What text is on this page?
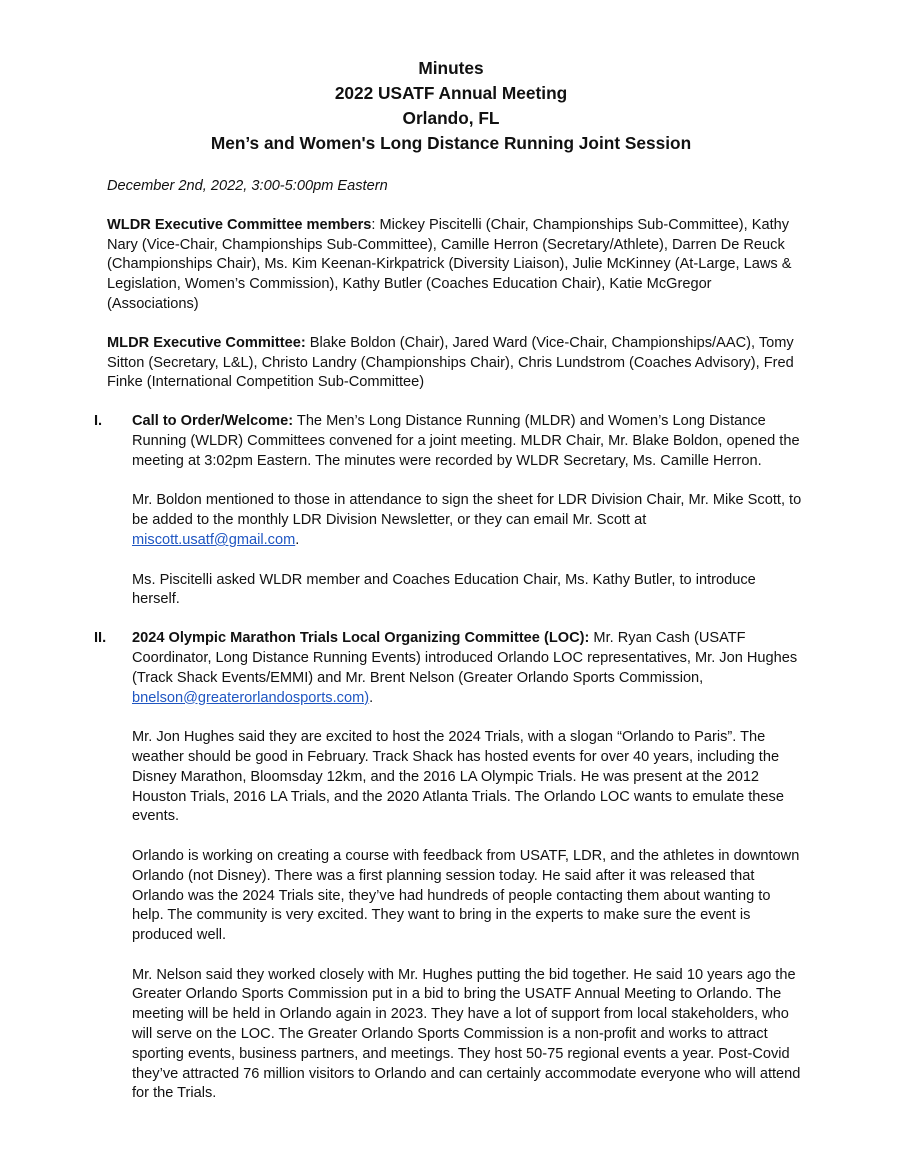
Minutes
2022 USATF Annual Meeting
Orlando, FL
Men’s and Women's Long Distance Running Joint Session

December 2nd, 2022, 3:00-5:00pm Eastern

WLDR Executive Committee members: Mickey Piscitelli (Chair, Championships Sub-Committee), Kathy Nary (Vice-Chair, Championships Sub-Committee), Camille Herron (Secretary/Athlete), Darren De Reuck (Championships Chair), Ms. Kim Keenan-Kirkpatrick (Diversity Liaison), Julie McKinney (At-Large, Laws & Legislation, Women’s Commission), Kathy Butler (Coaches Education Chair), Katie McGregor (Associations)

MLDR Executive Committee: Blake Boldon (Chair), Jared Ward (Vice-Chair, Championships/AAC), Tomy Sitton (Secretary, L&L), Christo Landry (Championships Chair), Chris Lundstrom (Coaches Advisory), Fred Finke (International Competition Sub-Committee)

I. Call to Order/Welcome: The Men’s Long Distance Running (MLDR) and Women’s Long Distance Running (WLDR) Committees convened for a joint meeting. MLDR Chair, Mr. Blake Boldon, opened the meeting at 3:02pm Eastern. The minutes were recorded by WLDR Secretary, Ms. Camille Herron.

Mr. Boldon mentioned to those in attendance to sign the sheet for LDR Division Chair, Mr. Mike Scott, to be added to the monthly LDR Division Newsletter, or they can email Mr. Scott at miscott.usatf@gmail.com.

Ms. Piscitelli asked WLDR member and Coaches Education Chair, Ms. Kathy Butler, to introduce herself.

II. 2024 Olympic Marathon Trials Local Organizing Committee (LOC): Mr. Ryan Cash (USATF Coordinator, Long Distance Running Events) introduced Orlando LOC representatives, Mr. Jon Hughes (Track Shack Events/EMMI) and Mr. Brent Nelson (Greater Orlando Sports Commission, bnelson@greaterorlandosports.com).

Mr. Jon Hughes said they are excited to host the 2024 Trials, with a slogan “Orlando to Paris”. The weather should be good in February. Track Shack has hosted events for over 40 years, including the Disney Marathon, Bloomsday 12km, and the 2016 LA Olympic Trials. He was present at the 2012 Houston Trials, 2016 LA Trials, and the 2020 Atlanta Trials. The Orlando LOC wants to emulate these events.

Orlando is working on creating a course with feedback from USATF, LDR, and the athletes in downtown Orlando (not Disney). There was a first planning session today. He said after it was released that Orlando was the 2024 Trials site, they’ve had hundreds of people contacting them about wanting to help. The community is very excited. They want to bring in the experts to make sure the event is produced well.

Mr. Nelson said they worked closely with Mr. Hughes putting the bid together. He said 10 years ago the Greater Orlando Sports Commission put in a bid to bring the USATF Annual Meeting to Orlando. The meeting will be held in Orlando again in 2023. They have a lot of support from local stakeholders, who will serve on the LOC. The Greater Orlando Sports Commission is a non-profit and works to attract sporting events, business partners, and meetings. They host 50-75 regional events a year. Post-Covid they’ve attracted 76 million visitors to Orlando and can certainly accommodate everyone who will attend for the Trials.
